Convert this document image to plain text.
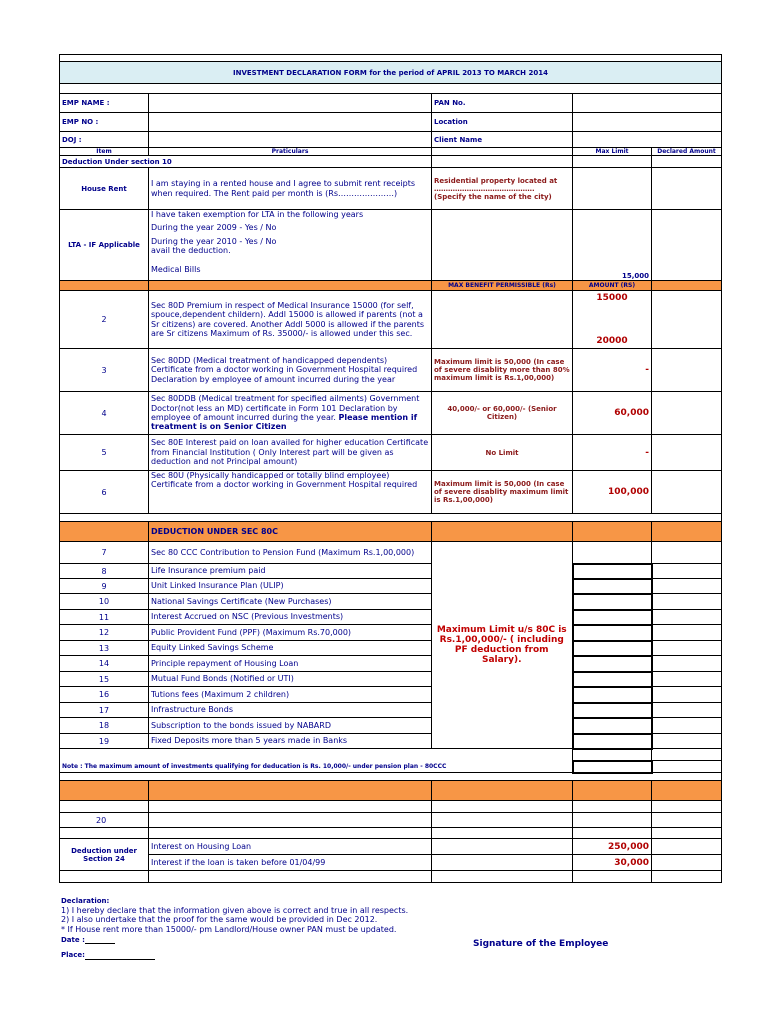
INVESTMENT DECLARATION FORM for the period of APRIL 2013 TO MARCH 2014				

EMP NAME :		PAN No.		
EMP NO :		Location		
DOJ :		Client Name		
Item	Praticulars		Max Limit	Declared Amount
Deduction Under section 10				
House Rent	I am staying in a rented house and I agree to submit rent receipts when required. The Rent paid per month is (Rs…………………)	Residential property located at
…………………………………….
(Specify the name of the city)		

LTA - IF Applicable	I have taken exemption for LTA in the following years
During the year 2009 - Yes / No
During the year 2010 - Yes / No
avail the deduction.
Medical Bills		15,000	
		MAX BENEFIT PERMISSIBLE (Rs)	AMOUNT (RS)	
2	Sec 80D Premium in respect of Medical Insurance 15000 (for self, spouce,dependent childern). Addl 15000 is allowed if parents (not a Sr citizens) are covered. Another Addl 5000 is allowed if the parents are Sr citizens Maximum of Rs. 35000/- is allowed under this sec.		15000
20000	

3	Sec 80DD (Medical treatment of handicapped dependents) Certificate from a doctor working in Government Hospital required Declaration by employee of amount incurred during the year	Maximum limit is 50,000 (In case of severe disablity more than 80% maximum limit is Rs.1,00,000)	-	
4	Sec 80DDB (Medical treatment for specified ailments) Government Doctor(not less an MD) certificate in Form 101 Declaration by employee of amount incurred during the year. Please mention if treatment is on Senior Citizen	40,000/- or 60,000/- (Senior Citizen)	60,000	
5	Sec 80E Interest paid on loan availed for higher education Certificate from Financial Institution ( Only Interest part will be given as deduction and not Principal amount)	No Limit	-	
6	Sec 80U (Physically handicapped or totally blind employee) Certificate from a doctor working in Government Hospital required	Maximum limit is 50,000 (In case of severe disablity maximum limit is Rs.1,00,000)	100,000	

	DEDUCTION UNDER SEC 80C			
7	Sec 80 CCC Contribution to Pension Fund (Maximum Rs.1,00,000)	Maximum Limit u/s 80C is Rs.1,00,000/- ( including PF deduction from Salary).		
8	Life Insurance premium paid			
9	Unit Linked Insurance Plan (ULIP)			
10	National Savings Certificate (New Purchases)			
11	Interest Accrued on NSC (Previous Investments)			
12	Public Provident Fund (PPF) (Maximum Rs.70,000)			
13	Equity Linked Savings Scheme			
14	Principle repayment of Housing Loan			
15	Mutual Fund Bonds (Notified or UTI)			
16	Tutions fees (Maximum 2 children)			
17	Infrastructure Bonds			
18	Subscription to the bonds issued by NABARD			
19	Fixed Deposits more than 5 years made in Banks			

Note : The maximum amount of investments qualifying for deducation is Rs. 10,000/- under pension plan - 80CCC				

20				

Deduction under Section 24	Interest on Housing Loan		250,000	
	Interest if the loan is taken before 01/04/99		30,000	

Declaration:
1) I hereby declare that the information given above is correct and true in all respects.
2) I also undertake that the proof for the same would be provided in Dec 2012.
* If House rent more than 15000/- pm Landlord/House owner PAN must be updated.
Date :
Place:
Signature of the Employee
